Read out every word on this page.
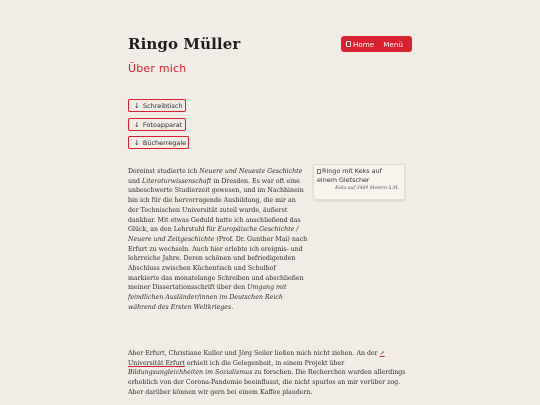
Ringo Müller	Home Menü
Über mich
↓ Schreibtisch
↓ Fotoapparat
↓ Bücherregale
Ringo mit Keks auf einem Gletscher
Keks auf 3489 Metern ü.M.
Dereinst studierte ich Neuere und Neueste Geschichte und Literaturwissenschaft in Dresden. Es war oft eine unbeschwerte Studierzeit gewesen, und im Nachhinein bin ich für die hervorragende Ausbildung, die mir an der Technischen Universität zuteil wurde, äußerst dankbar. Mit etwas Geduld hatte ich anschließend das Glück, an den Lehrstuhl für Europäische Geschichte / Neuere und Zeitgeschichte (Prof. Dr. Gunther Mai) nach Erfurt zu wechseln. Auch hier erlebte ich ereignis- und lehrreiche Jahre. Deren schönen und befriedigenden Abschluss zwischen Küchentisch und Schulhof markierte das monatelange Schreiben und abschließen meiner Dissertationsschrift über den Umgang mit feindlichen Ausländer/innen im Deutschen Reich während des Ersten Weltkrieges.
Aber Erfurt, Christiane Kuller und Jörg Seiler ließen mich nicht ziehen. An der ↗ Universität Erfurt erhielt ich die Gelegenheit, in einem Projekt über Bildungsungleichheiten im Sozialismus zu forschen. Die Recherchen wurden allerdings erheblich von der Corona-Pandemie beeinflusst, die nicht spurlos an mir vorüber zog. Aber darüber können wir gern bei einem Kaffee plaudern.
